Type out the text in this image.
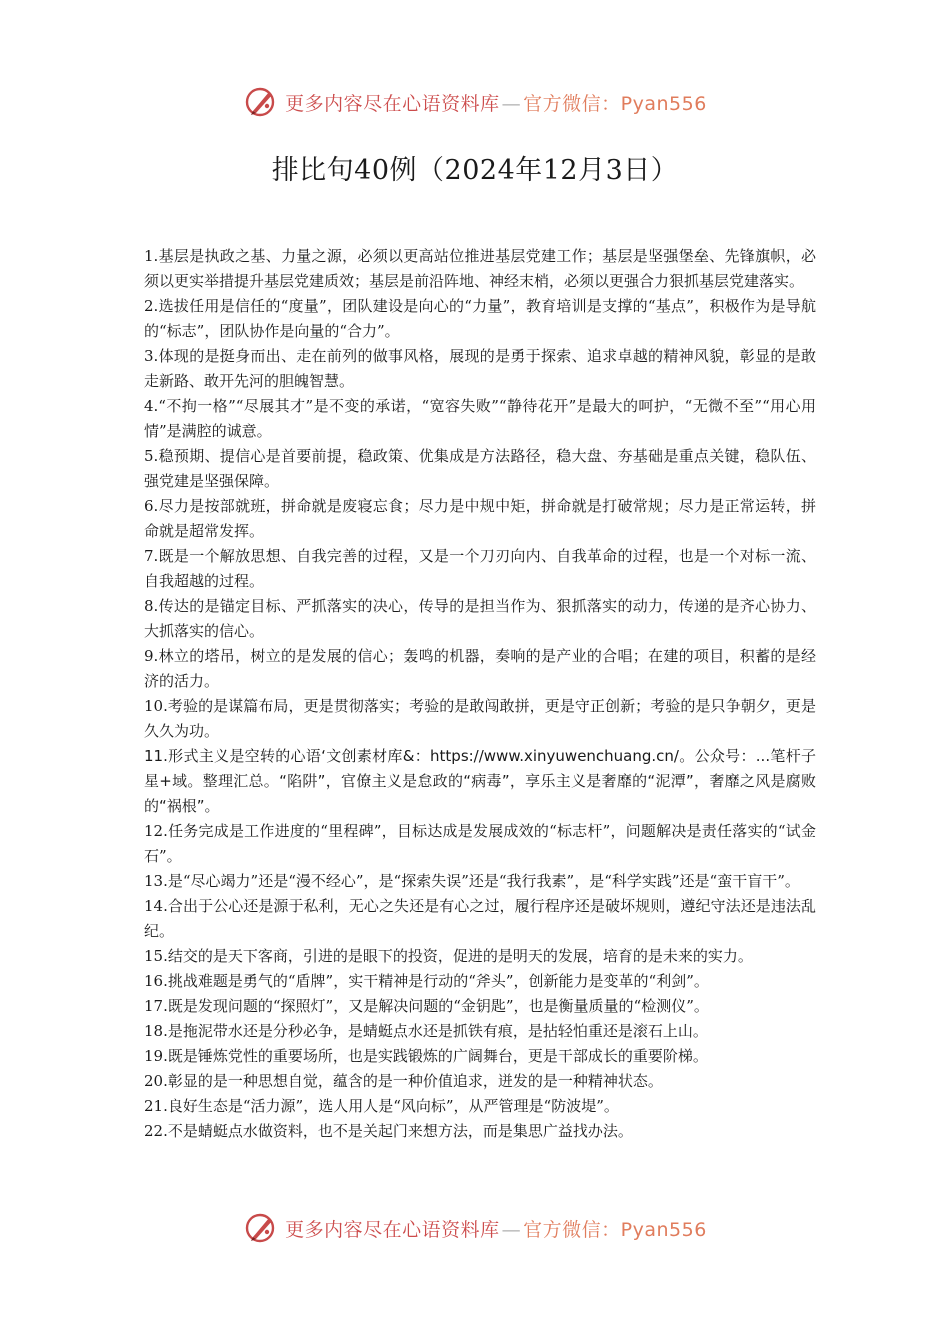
更多内容尽在心语资料库 — 官方微信：Pyan556
排比句40例（2024年12月3日）

1.基层是执政之基、力量之源，必须以更高站位推进基层党建工作；基层是坚强堡垒、先锋旗帜，必须以更实举措提升基层党建质效；基层是前沿阵地、神经末梢，必须以更强合力狠抓基层党建落实。

2.选拔任用是信任的“度量”，团队建设是向心的“力量”，教育培训是支撑的“基点”，积极作为是导航的“标志”，团队协作是向量的“合力”。

3.体现的是挺身而出、走在前列的做事风格，展现的是勇于探索、追求卓越的精神风貌，彰显的是敢走新路、敢开先河的胆魄智慧。

4.“不拘一格”“尽展其才”是不变的承诺，“宽容失败”“静待花开”是最大的呵护，“无微不至”“用心用情”是满腔的诚意。

5.稳预期、提信心是首要前提，稳政策、优集成是方法路径，稳大盘、夯基础是重点关键，稳队伍、强党建是坚强保障。

6.尽力是按部就班，拼命就是废寝忘食；尽力是中规中矩，拼命就是打破常规；尽力是正常运转，拼命就是超常发挥。

7.既是一个解放思想、自我完善的过程，又是一个刀刃向内、自我革命的过程，也是一个对标一流、自我超越的过程。

8.传达的是锚定目标、严抓落实的决心，传导的是担当作为、狠抓落实的动力，传递的是齐心协力、大抓落实的信心。

9.林立的塔吊，树立的是发展的信心；轰鸣的机器，奏响的是产业的合唱；在建的项目，积蓄的是经济的活力。

10.考验的是谋篇布局，更是贯彻落实；考验的是敢闯敢拼，更是守正创新；考验的是只争朝夕，更是久久为功。

11.形式主义是空转的心语‘文创素材库&：https://www.xinyuwenchuang.cn/。公众号：...笔杆子星+域。整理汇总。“陷阱”，官僚主义是怠政的“病毒”，享乐主义是奢靡的“泥潭”，奢靡之风是腐败的“祸根”。

12.任务完成是工作进度的“里程碑”，目标达成是发展成效的“标志杆”，问题解决是责任落实的“试金石”。

13.是“尽心竭力”还是“漫不经心”，是“探索失误”还是“我行我素”，是“科学实践”还是“蛮干盲干”。

14.合出于公心还是源于私利，无心之失还是有心之过，履行程序还是破坏规则，遵纪守法还是违法乱纪。

15.结交的是天下客商，引进的是眼下的投资，促进的是明天的发展，培育的是未来的实力。

16.挑战难题是勇气的“盾牌”，实干精神是行动的“斧头”，创新能力是变革的“利剑”。

17.既是发现问题的“探照灯”，又是解决问题的“金钥匙”，也是衡量质量的“检测仪”。

18.是拖泥带水还是分秒必争，是蜻蜓点水还是抓铁有痕，是拈轻怕重还是滚石上山。

19.既是锤炼党性的重要场所，也是实践锻炼的广阔舞台，更是干部成长的重要阶梯。

20.彰显的是一种思想自觉，蕴含的是一种价值追求，迸发的是一种精神状态。

21.良好生态是“活力源”，选人用人是“风向标”，从严管理是“防波堤”。

22.不是蜻蜓点水做资料，也不是关起门来想方法，而是集思广益找办法。

更多内容尽在心语资料库 — 官方微信：Pyan556
